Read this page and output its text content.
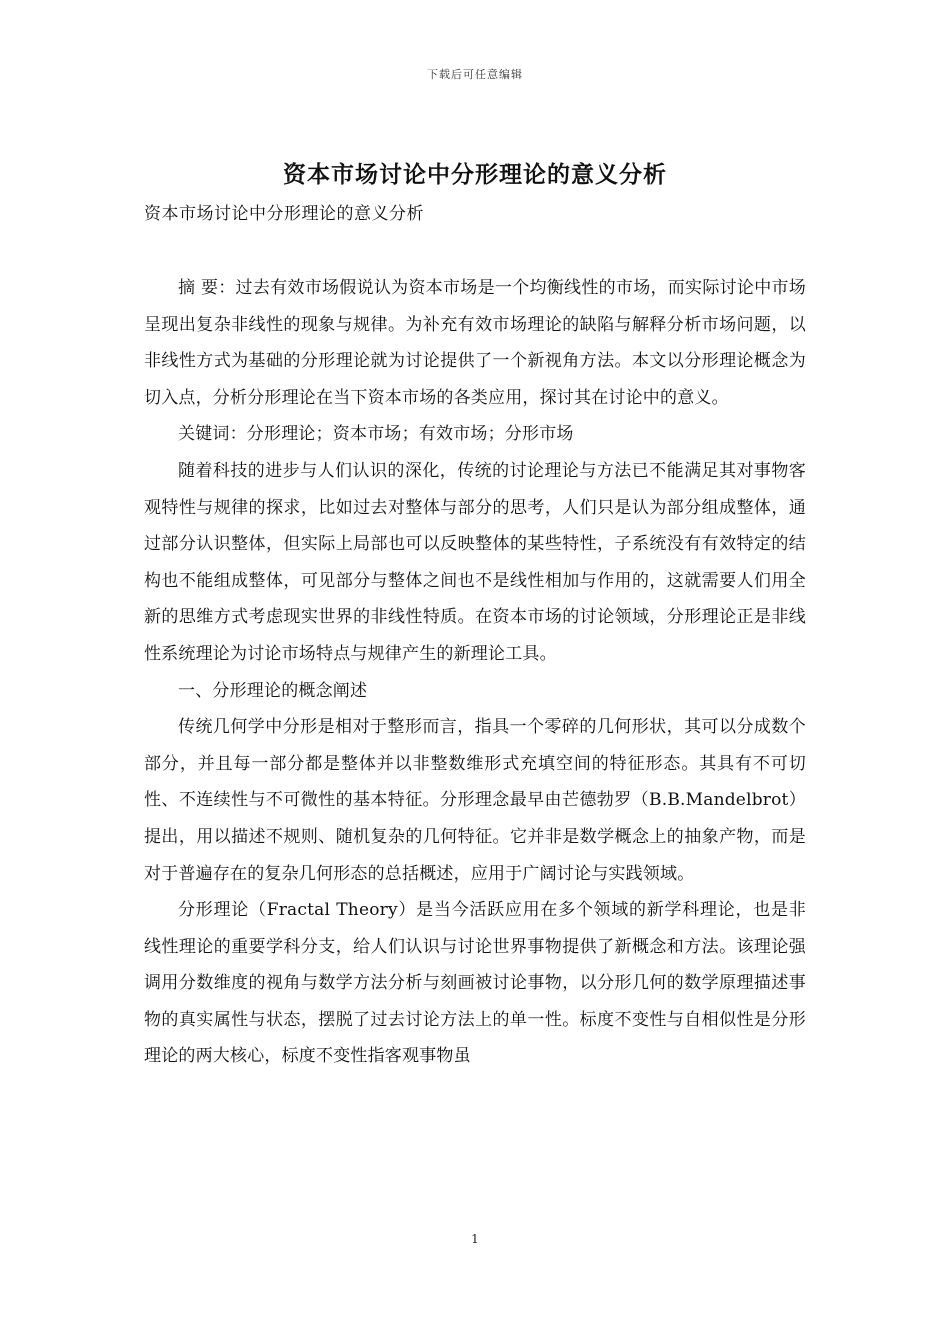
下载后可任意编辑
资本市场讨论中分形理论的意义分析

资本市场讨论中分形理论的意义分析

摘 要：过去有效市场假说认为资本市场是一个均衡线性的市场，而实际讨论中市场呈现出复杂非线性的现象与规律。为补充有效市场理论的缺陷与解释分析市场问题，以非线性方式为基础的分形理论就为讨论提供了一个新视角方法。本文以分形理论概念为切入点，分析分形理论在当下资本市场的各类应用，探讨其在讨论中的意义。

关键词：分形理论；资本市场；有效市场；分形市场

随着科技的进步与人们认识的深化，传统的讨论理论与方法已不能满足其对事物客观特性与规律的探求，比如过去对整体与部分的思考，人们只是认为部分组成整体，通过部分认识整体，但实际上局部也可以反映整体的某些特性，子系统没有有效特定的结构也不能组成整体，可见部分与整体之间也不是线性相加与作用的，这就需要人们用全新的思维方式考虑现实世界的非线性特质。在资本市场的讨论领域，分形理论正是非线性系统理论为讨论市场特点与规律产生的新理论工具。

一、分形理论的概念阐述

传统几何学中分形是相对于整形而言，指具一个零碎的几何形状，其可以分成数个部分，并且每一部分都是整体并以非整数维形式充填空间的特征形态。其具有不可切性、不连续性与不可微性的基本特征。分形理念最早由芒德勃罗（B.B.Mandelbrot）提出，用以描述不规则、随机复杂的几何特征。它并非是数学概念上的抽象产物，而是对于普遍存在的复杂几何形态的总括概述，应用于广阔讨论与实践领域。

分形理论（Fractal Theory）是当今活跃应用在多个领域的新学科理论，也是非线性理论的重要学科分支，给人们认识与讨论世界事物提供了新概念和方法。该理论强调用分数维度的视角与数学方法分析与刻画被讨论事物，以分形几何的数学原理描述事物的真实属性与状态，摆脱了过去讨论方法上的单一性。标度不变性与自相似性是分形理论的两大核心，标度不变性指客观事物虽

1
